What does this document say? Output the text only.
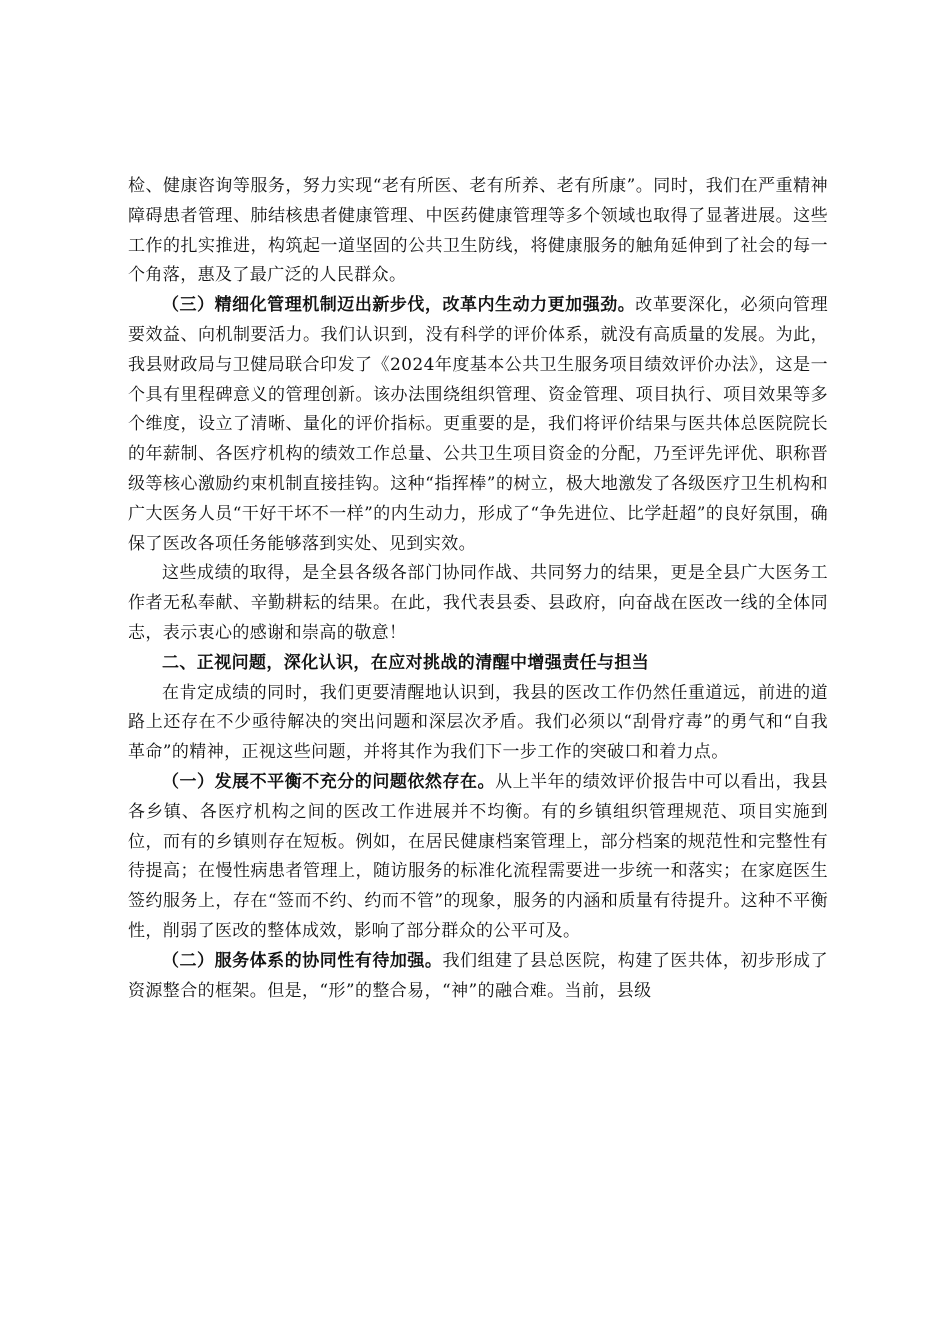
检、健康咨询等服务，努力实现“老有所医、老有所养、老有所康”。同时，我们在严重精神障碍患者管理、肺结核患者健康管理、中医药健康管理等多个领域也取得了显著进展。这些工作的扎实推进，构筑起一道坚固的公共卫生防线，将健康服务的触角延伸到了社会的每一个角落，惠及了最广泛的人民群众。

（三）精细化管理机制迈出新步伐，改革内生动力更加强劲。改革要深化，必须向管理要效益、向机制要活力。我们认识到，没有科学的评价体系，就没有高质量的发展。为此，我县财政局与卫健局联合印发了《2024年度基本公共卫生服务项目绩效评价办法》，这是一个具有里程碑意义的管理创新。该办法围绕组织管理、资金管理、项目执行、项目效果等多个维度，设立了清晰、量化的评价指标。更重要的是，我们将评价结果与医共体总医院院长的年薪制、各医疗机构的绩效工作总量、公共卫生项目资金的分配，乃至评先评优、职称晋级等核心激励约束机制直接挂钩。这种“指挥棒”的树立，极大地激发了各级医疗卫生机构和广大医务人员“干好干坏不一样”的内生动力，形成了“争先进位、比学赶超”的良好氛围，确保了医改各项任务能够落到实处、见到实效。

这些成绩的取得，是全县各级各部门协同作战、共同努力的结果，更是全县广大医务工作者无私奉献、辛勤耕耘的结果。在此，我代表县委、县政府，向奋战在医改一线的全体同志，表示衷心的感谢和崇高的敬意！

二、正视问题，深化认识，在应对挑战的清醒中增强责任与担当

在肯定成绩的同时，我们更要清醒地认识到，我县的医改工作仍然任重道远，前进的道路上还存在不少亟待解决的突出问题和深层次矛盾。我们必须以“刮骨疗毒”的勇气和“自我革命”的精神，正视这些问题，并将其作为我们下一步工作的突破口和着力点。

（一）发展不平衡不充分的问题依然存在。从上半年的绩效评价报告中可以看出，我县各乡镇、各医疗机构之间的医改工作进展并不均衡。有的乡镇组织管理规范、项目实施到位，而有的乡镇则存在短板。例如，在居民健康档案管理上，部分档案的规范性和完整性有待提高；在慢性病患者管理上，随访服务的标准化流程需要进一步统一和落实；在家庭医生签约服务上，存在“签而不约、约而不管”的现象，服务的内涵和质量有待提升。这种不平衡性，削弱了医改的整体成效，影响了部分群众的公平可及。

（二）服务体系的协同性有待加强。我们组建了县总医院，构建了医共体，初步形成了资源整合的框架。但是，“形”的整合易，“神”的融合难。当前，县级
